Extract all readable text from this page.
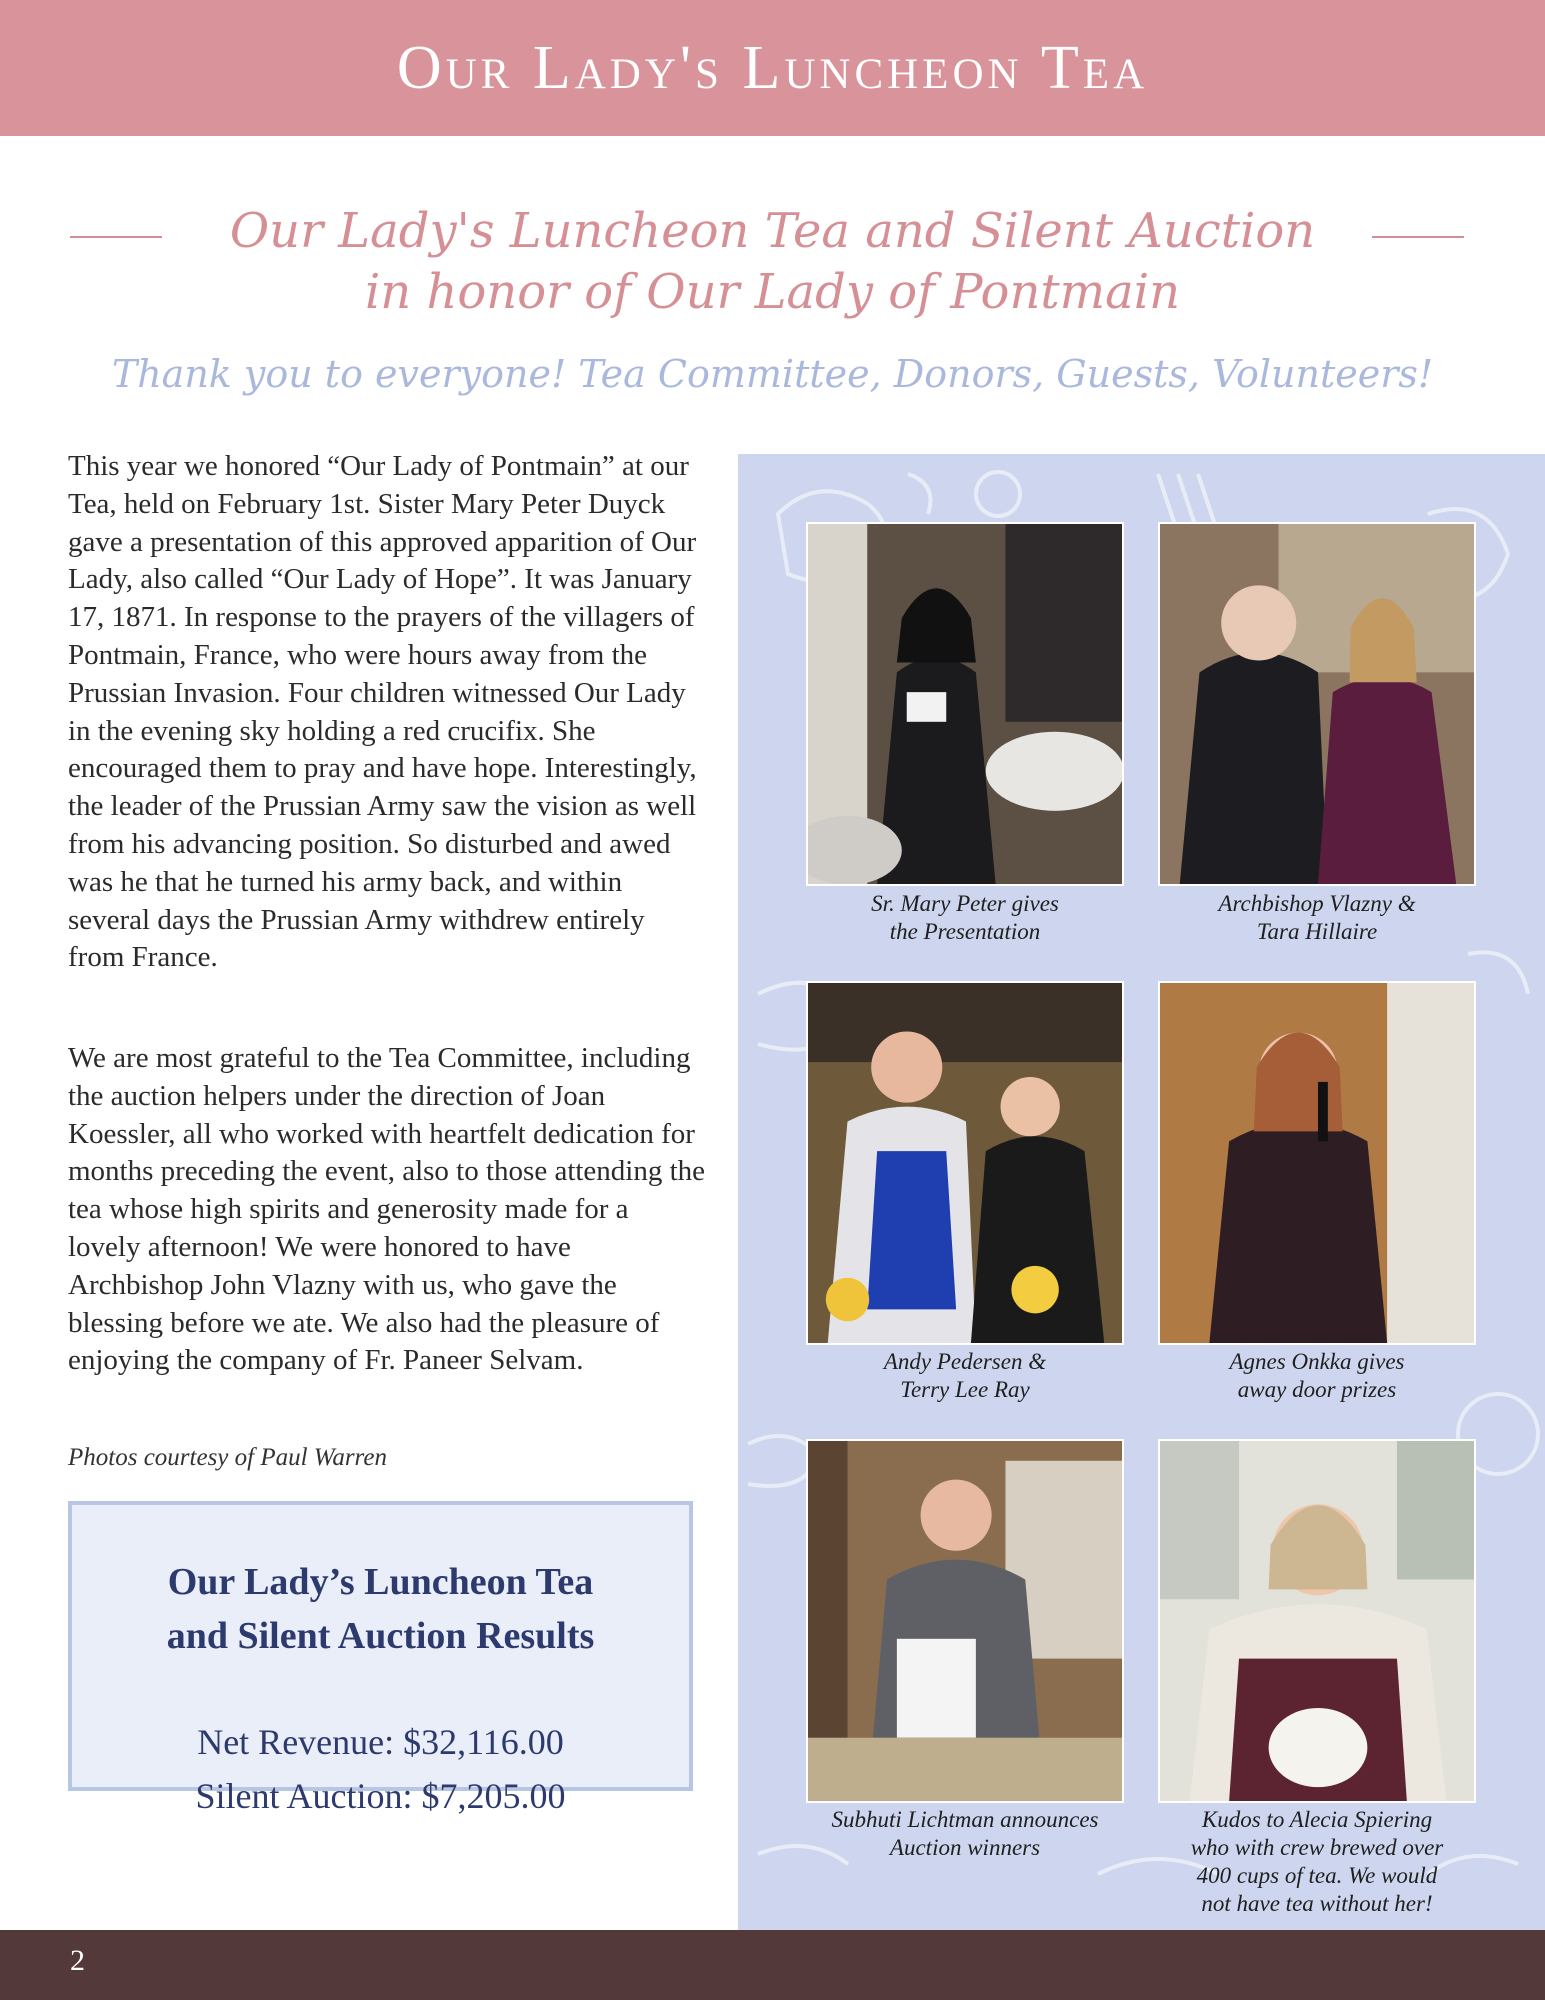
Our Lady's Luncheon Tea
Our Lady's Luncheon Tea and Silent Auction
in honor of Our Lady of Pontmain
Thank you to everyone! Tea Committee, Donors, Guests, Volunteers!

This year we honored “Our Lady of Pontmain” at our Tea, held on February 1st. Sister Mary Peter Duyck gave a presentation of this approved apparition of Our Lady, also called “Our Lady of Hope”. It was January 17, 1871. In response to the prayers of the villagers of Pontmain, France, who were hours away from the Prussian Invasion. Four children witnessed Our Lady in the evening sky holding a red crucifix. She encouraged them to pray and have hope. Interestingly, the leader of the Prussian Army saw the vision as well from his advancing position. So disturbed and awed was he that he turned his army back, and within several days the Prussian Army withdrew entirely from France.

We are most grateful to the Tea Committee, including the auction helpers under the direction of Joan Koessler, all who worked with heartfelt dedication for months preceding the event, also to those attending the tea whose high spirits and generosity made for a lovely afternoon! We were honored to have Archbishop John Vlazny with us, who gave the blessing before we ate. We also had the pleasure of enjoying the company of Fr. Paneer Selvam.

Photos courtesy of Paul Warren
Our Lady’s Luncheon Tea
and Silent Auction Results
Net Revenue: $32,116.00
Silent Auction: $7,205.00
Sr. Mary Peter gives
the Presentation
Archbishop Vlazny &
Tara Hillaire
Andy Pedersen &
Terry Lee Ray
Agnes Onkka gives
away door prizes
Subhuti Lichtman announces
Auction winners
Kudos to Alecia Spiering
who with crew brewed over
400 cups of tea. We would
not have tea without her!
2
